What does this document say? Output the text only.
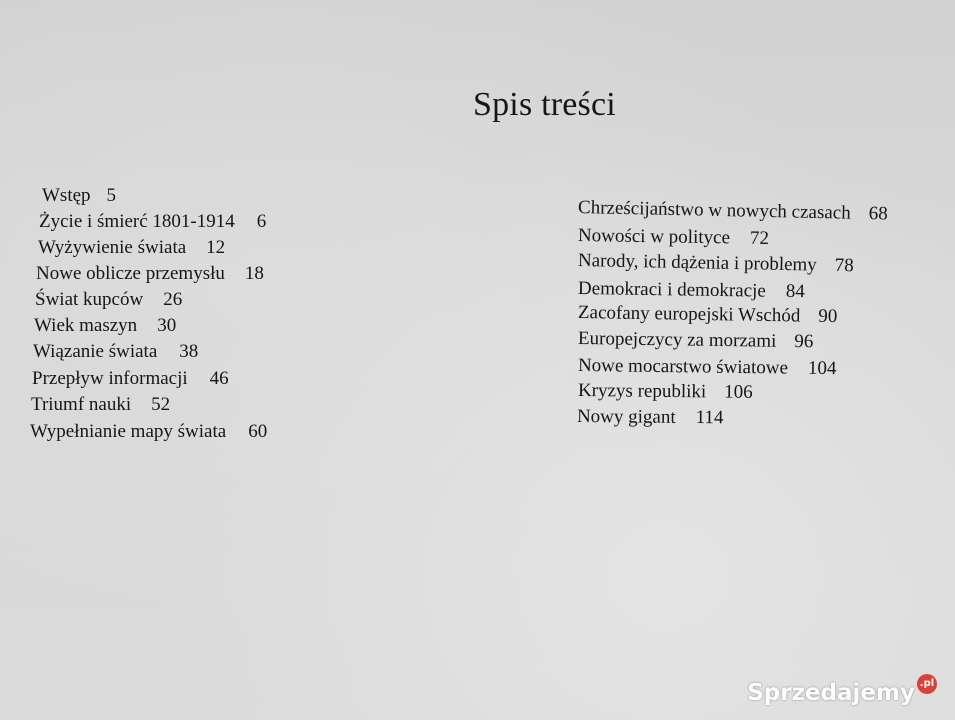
Spis treści
Wstęp 5
Życie i śmierć 1801-1914 6
Wyżywienie świata 12
Nowe oblicze przemysłu 18
Świat kupców 26
Wiek maszyn 30
Wiązanie świata 38
Przepływ informacji 46
Triumf nauki 52
Wypełnianie mapy świata 60
Chrześcijaństwo w nowych czasach 68
Nowości w polityce 72
Narody, ich dążenia i problemy 78
Demokraci i demokracje 84
Zacofany europejski Wschód 90
Europejczycy za morzami 96
Nowe mocarstwo światowe 104
Kryzys republiki 106
Nowy gigant 114
Sprzedajemy .pl
